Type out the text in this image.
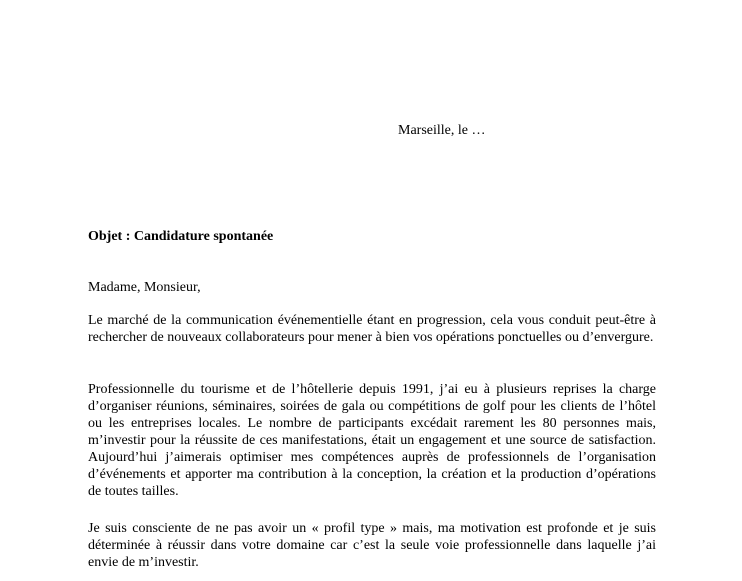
Marseille, le …
Objet : Candidature spontanée
Madame, Monsieur,

Le marché de la communication événementielle étant en progression, cela vous conduit peut-être à rechercher de nouveaux collaborateurs pour mener à bien vos opérations ponctuelles ou d’envergure.

Professionnelle du tourisme et de l’hôtellerie depuis 1991, j’ai eu à plusieurs reprises la charge d’organiser réunions, séminaires, soirées de gala ou compétitions de golf pour les clients de l’hôtel ou les entreprises locales. Le nombre de participants excédait rarement les 80 personnes mais, m’investir pour la réussite de ces manifestations, était un engagement et une source de satisfaction. Aujourd’hui j’aimerais optimiser mes compétences auprès de professionnels de l’organisation d’événements et apporter ma contribution à la conception, la création et la production d’opérations de toutes tailles.

Je suis consciente de ne pas avoir un « profil type » mais, ma motivation est profonde et je suis déterminée à réussir dans votre domaine car c’est la seule voie professionnelle dans laquelle j’ai envie de m’investir.
